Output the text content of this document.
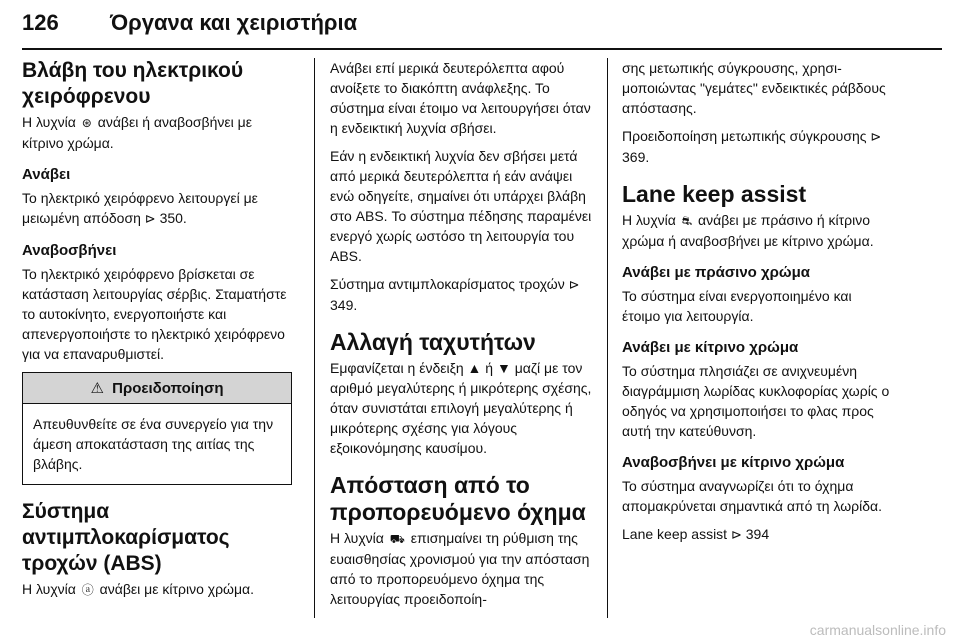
126 Όργανα και χειριστήρια
Βλάβη του ηλεκτρικού χειρόφρενου

Η λυχνία ⊛ ανάβει ή αναβοσβήνει με κίτρινο χρώμα.

Ανάβει

Το ηλεκτρικό χειρόφρενο λειτουργεί με μειωμένη απόδοση ⊳ 350.

Αναβοσβήνει

Το ηλεκτρικό χειρόφρενο βρίσκεται σε κατάσταση λειτουργίας σέρβις. Σταματήστε το αυτοκίνητο, ενεργοποιήστε και απενεργοποιήστε το ηλεκτρικό χειρόφρενο για να επαναρυθμιστεί.

⚠ Προειδοποίηση
Απευθυνθείτε σε ένα συνεργείο για την άμεση αποκατάσταση της αιτίας της βλάβης.
Σύστημα αντιμπλοκαρίσματος τροχών (ABS)

Η λυχνία ⓐ ανάβει με κίτρινο χρώμα.

Ανάβει επί μερικά δευτερόλεπτα αφού ανοίξετε το διακόπτη ανάφλεξης. Το σύστημα είναι έτοιμο να λειτουργήσει όταν η ενδεικτική λυχνία σβήσει.

Εάν η ενδεικτική λυχνία δεν σβήσει μετά από μερικά δευτερόλεπτα ή εάν ανάψει ενώ οδηγείτε, σημαίνει ότι υπάρχει βλάβη στο ABS. Το σύστημα πέδησης παραμένει ενεργό χωρίς ωστόσο τη λειτουργία του ABS.

Σύστημα αντιμπλοκαρίσματος τροχών ⊳ 349.

Αλλαγή ταχυτήτων

Εμφανίζεται η ένδειξη ▲ ή ▼ μαζί με τον αριθμό μεγαλύτερης ή μικρότερης σχέσης, όταν συνιστάται επιλογή μεγαλύτερης ή μικρότερης σχέσης για λόγους εξοικονόμησης καυσίμου.

Απόσταση από το προπορευόμενο όχημα

Η λυχνία ⛟ επισημαίνει τη ρύθμιση της ευαισθησίας χρονισμού για την απόσταση από το προπορευόμενο όχημα της λειτουργίας προειδοποίη-

σης μετωπικής σύγκρουσης, χρησιμοποιώντας "γεμάτες" ενδεικτικές ράβδους απόστασης.

Προειδοποίηση μετωπικής σύγκρουσης ⊳ 369.

Lane keep assist

Η λυχνία ⛐ ανάβει με πράσινο ή κίτρινο χρώμα ή αναβοσβήνει με κίτρινο χρώμα.

Ανάβει με πράσινο χρώμα

Το σύστημα είναι ενεργοποιημένο και έτοιμο για λειτουργία.

Ανάβει με κίτρινο χρώμα

Το σύστημα πλησιάζει σε ανιχνευμένη διαγράμμιση λωρίδας κυκλοφορίας χωρίς ο οδηγός να χρησιμοποιήσει το φλας προς αυτή την κατεύθυνση.

Αναβοσβήνει με κίτρινο χρώμα

Το σύστημα αναγνωρίζει ότι το όχημα απομακρύνεται σημαντικά από τη λωρίδα.

Lane keep assist ⊳ 394

carmanualsonline.info
